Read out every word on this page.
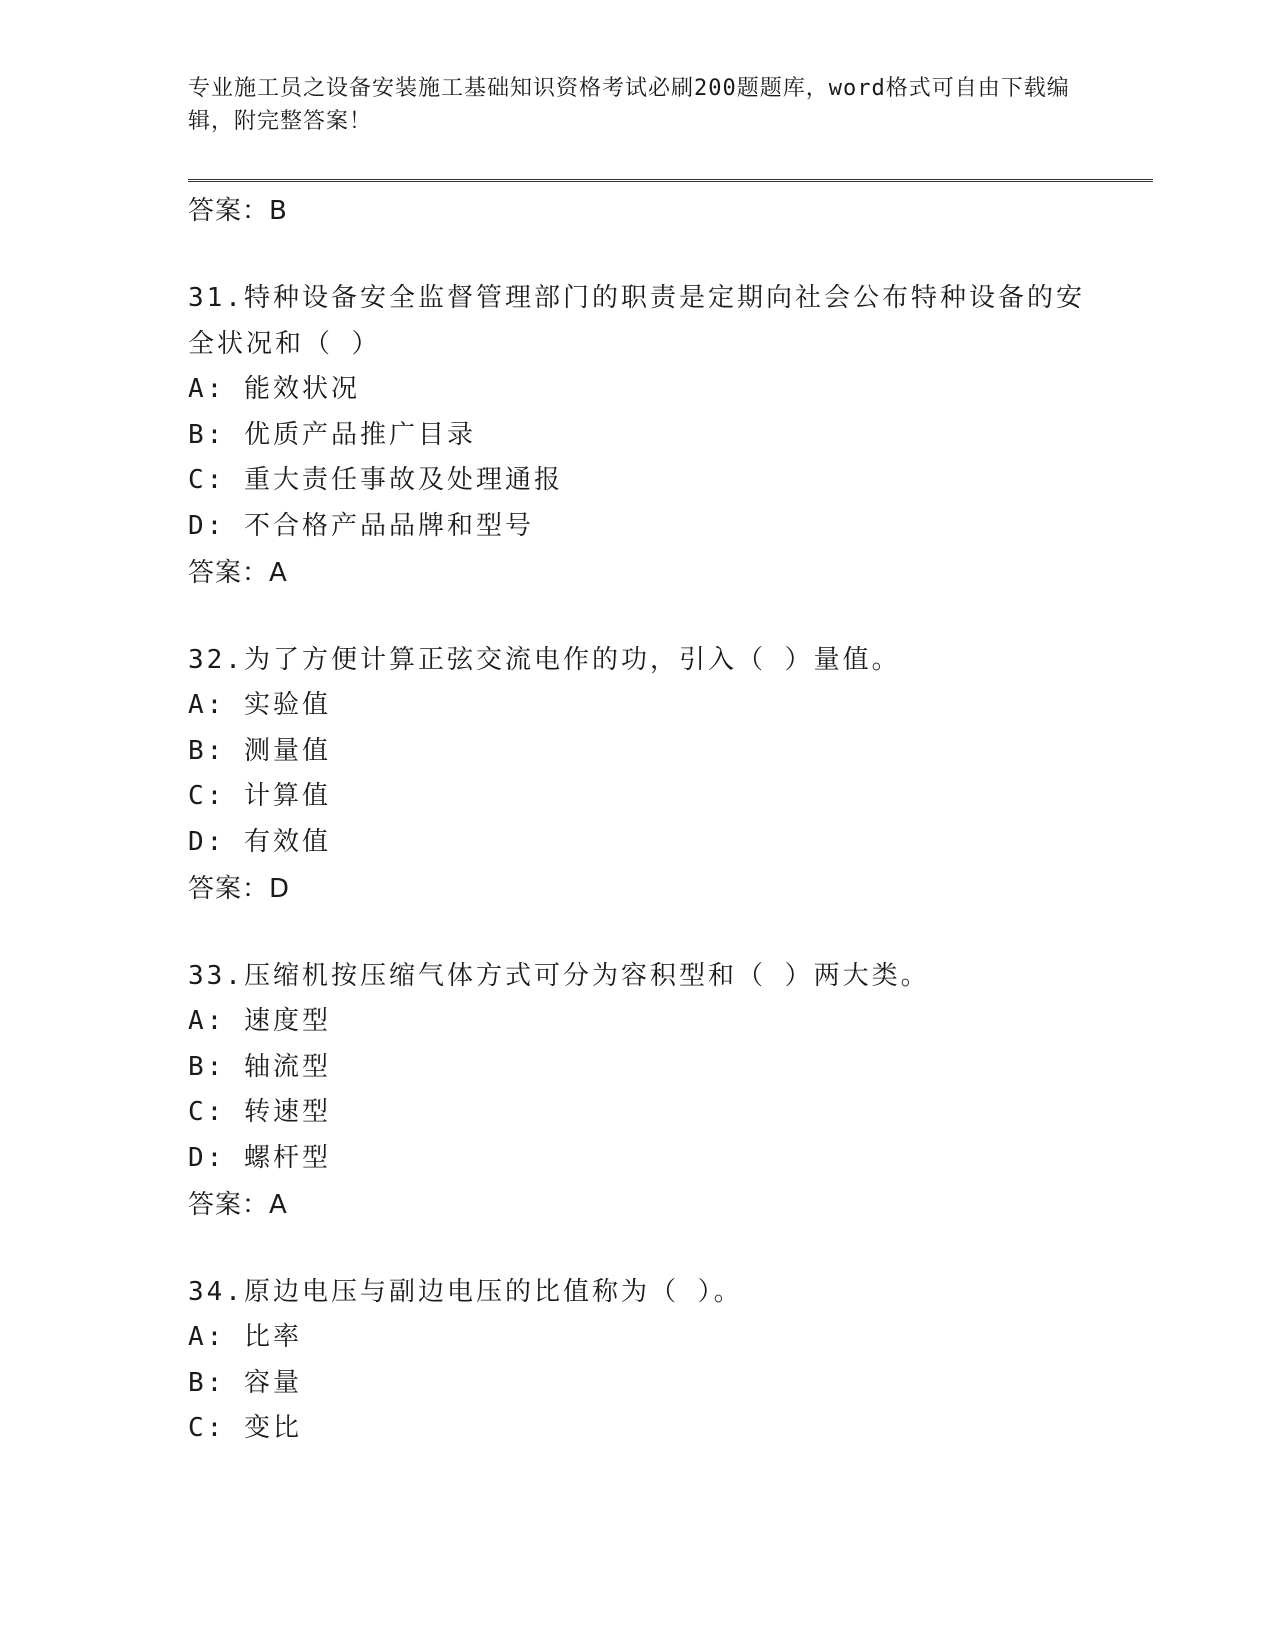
专业施工员之设备安装施工基础知识资格考试必刷200题题库，word格式可自由下载编辑，附完整答案！

答案：B

31.特种设备安全监督管理部门的职责是定期向社会公布特种设备的安全状况和（ ）

A: 能效状况

B: 优质产品推广目录

C: 重大责任事故及处理通报

D: 不合格产品品牌和型号

答案：A

32.为了方便计算正弦交流电作的功，引入（ ）量值。

A: 实验值

B: 测量值

C: 计算值

D: 有效值

答案：D

33.压缩机按压缩气体方式可分为容积型和（ ）两大类。

A: 速度型

B: 轴流型

C: 转速型

D: 螺杆型

答案：A

34.原边电压与副边电压的比值称为（ ）。

A: 比率

B: 容量

C: 变比
